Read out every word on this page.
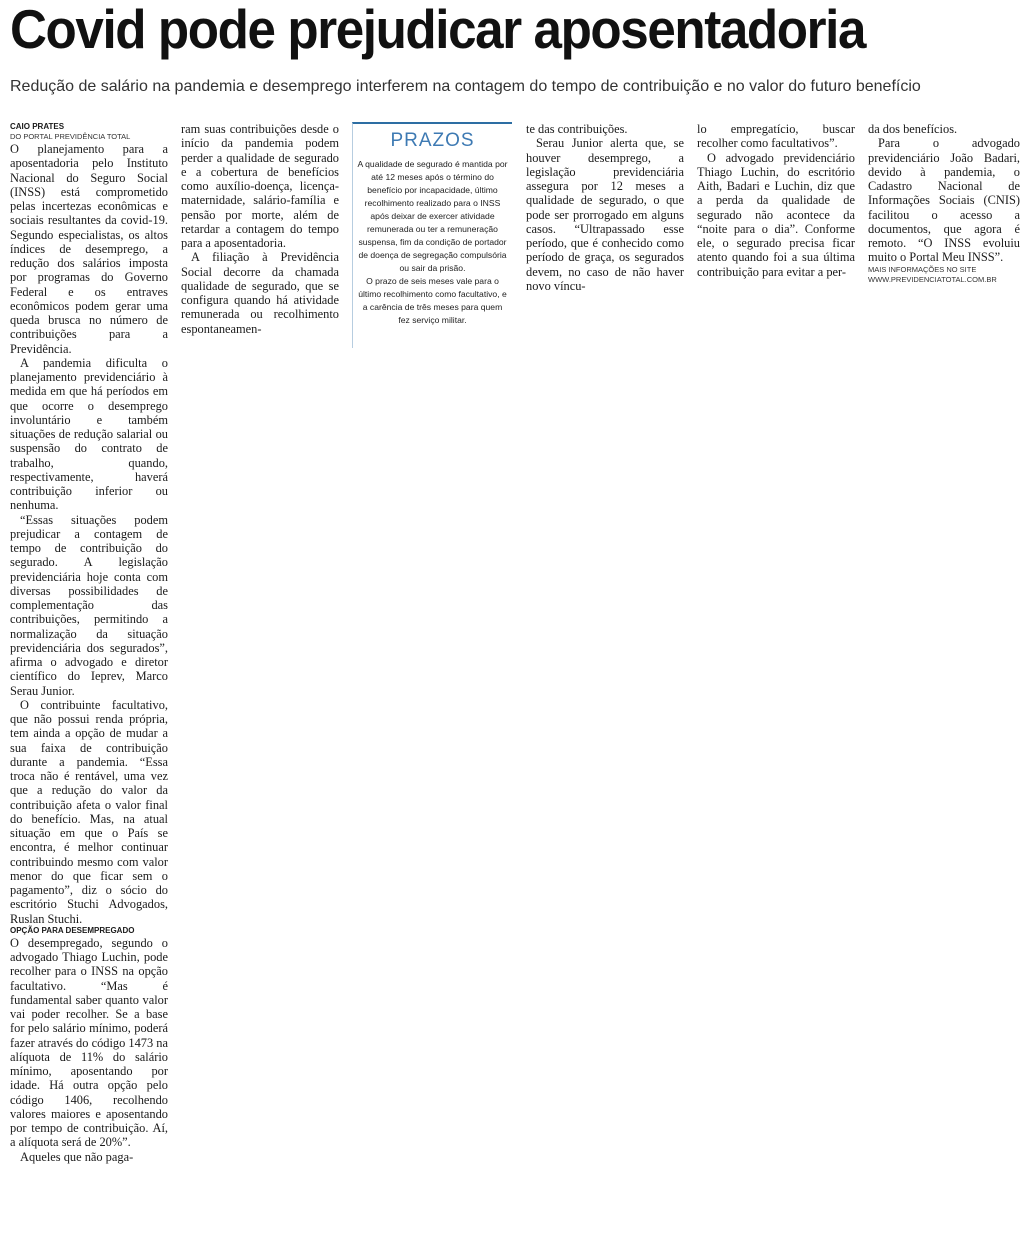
Covid pode prejudicar aposentadoria

Redução de salário na pandemia e desemprego interferem na contagem do tempo de contribuição e no valor do futuro benefício

CAIO PRATES

DO PORTAL PREVIDÊNCIA TOTAL

O planejamento para a aposentadoria pelo Instituto Nacional do Seguro Social (INSS) está comprometido pelas incertezas econômicas e sociais resultantes da covid-19. Segundo especialistas, os altos índices de desemprego, a redução dos salários imposta por programas do Governo Federal e os entraves econômicos podem gerar uma queda brusca no número de contribuições para a Previdência.

A pandemia dificulta o planejamento previdenciário à medida em que há períodos em que ocorre o desemprego involuntário e também situações de redução salarial ou suspensão do contrato de trabalho, quando, respectivamente, haverá contribuição inferior ou nenhuma.

“Essas situações podem prejudicar a contagem de tempo de contribuição do segurado. A legislação previdenciária hoje conta com diversas possibilidades de complementação das contribuições, permitindo a normalização da situação previdenciária dos segurados”, afirma o advogado e diretor científico do Ieprev, Marco Serau Junior.

O contribuinte facultativo, que não possui renda própria, tem ainda a opção de mudar a sua faixa de contribuição durante a pandemia. “Essa troca não é rentável, uma vez que a redução do valor da contribuição afeta o valor final do benefício. Mas, na atual situação em que o País se encontra, é melhor continuar contribuindo mesmo com valor menor do que ficar sem o pagamento”, diz o sócio do escritório Stuchi Advogados, Ruslan Stuchi.

OPÇÃO PARA DESEMPREGADO

O desempregado, segundo o advogado Thiago Luchin, pode recolher para o INSS na opção facultativo. “Mas é fundamental saber quanto valor vai poder recolher. Se a base for pelo salário mínimo, poderá fazer através do código 1473 na alíquota de 11% do salário mínimo, aposentando por idade. Há outra opção pelo código 1406, recolhendo valores maiores e aposentando por tempo de contribuição. Aí, a alíquota será de 20%”.

Aqueles que não paga-

ram suas contribuições desde o início da pandemia podem perder a qualidade de segurado e a cobertura de benefícios como auxílio-doença, licença-maternidade, salário-família e pensão por morte, além de retardar a contagem do tempo para a aposentadoria.

A filiação à Previdência Social decorre da chamada qualidade de segurado, que se configura quando há atividade remunerada ou recolhimento espontaneamen-

PRAZOS

A qualidade de segurado é mantida por até 12 meses após o término do benefício por incapacidade, último recolhimento realizado para o INSS após deixar de exercer atividade remunerada ou ter a remuneração suspensa, fim da condição de portador de doença de segregação compulsória ou sair da prisão.

O prazo de seis meses vale para o último recolhimento como facultativo, e a carência de três meses para quem fez serviço militar.

te das contribuições.

Serau Junior alerta que, se houver desemprego, a legislação previdenciária assegura por 12 meses a qualidade de segurado, o que pode ser prorrogado em alguns casos. “Ultrapassado esse período, que é conhecido como período de graça, os segurados devem, no caso de não haver novo víncu-

lo empregatício, buscar recolher como facultativos”.

O advogado previdenciário Thiago Luchin, do escritório Aith, Badari e Luchin, diz que a perda da qualidade de segurado não acontece da “noite para o dia”. Conforme ele, o segurado precisa ficar atento quando foi a sua última contribuição para evitar a per-

da dos benefícios.

Para o advogado previdenciário João Badari, devido à pandemia, o Cadastro Nacional de Informações Sociais (CNIS) facilitou o acesso a documentos, que agora é remoto. “O INSS evoluiu muito o Portal Meu INSS”.

MAIS INFORMAÇÕES NO SITE WWW.PREVIDENCIATOTAL.COM.BR
